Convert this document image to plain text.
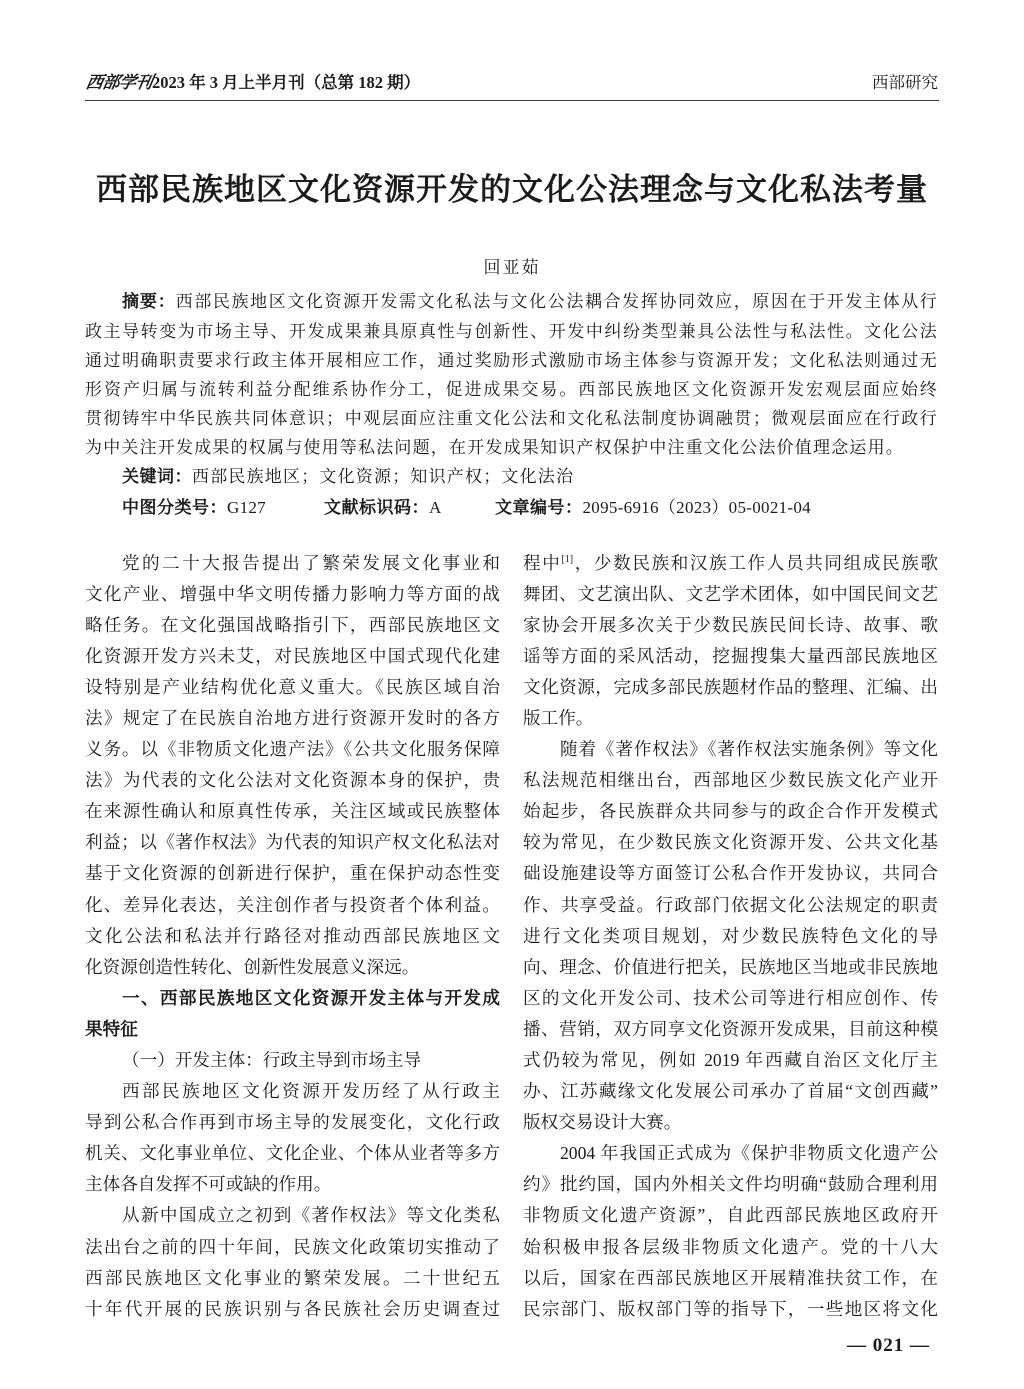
西部学刊2023 年 3 月上半月刊（总第 182 期）	西部研究
西部民族地区文化资源开发的文化公法理念与文化私法考量
回亚茹
摘要：西部民族地区文化资源开发需文化私法与文化公法耦合发挥协同效应，原因在于开发主体从行
政主导转变为市场主导、开发成果兼具原真性与创新性、开发中纠纷类型兼具公法性与私法性。文化公法
通过明确职责要求行政主体开展相应工作，通过奖励形式激励市场主体参与资源开发；文化私法则通过无
形资产归属与流转利益分配维系协作分工，促进成果交易。西部民族地区文化资源开发宏观层面应始终
贯彻铸牢中华民族共同体意识；中观层面应注重文化公法和文化私法制度协调融贯；微观层面应在行政行
为中关注开发成果的权属与使用等私法问题，在开发成果知识产权保护中注重文化公法价值理念运用。
关键词：西部民族地区；文化资源；知识产权；文化法治
中图分类号：G127	文献标识码：A	文章编号：2095-6916（2023）05-0021-04
党的二十大报告提出了繁荣发展文化事业和
文化产业、增强中华文明传播力影响力等方面的战
略任务。在文化强国战略指引下，西部民族地区文
化资源开发方兴未艾，对民族地区中国式现代化建
设特别是产业结构优化意义重大。《民族区域自治
法》规定了在民族自治地方进行资源开发时的各方
义务。以《非物质文化遗产法》《公共文化服务保障
法》为代表的文化公法对文化资源本身的保护，贵
在来源性确认和原真性传承，关注区域或民族整体
利益；以《著作权法》为代表的知识产权文化私法对
基于文化资源的创新进行保护，重在保护动态性变
化、差异化表达，关注创作者与投资者个体利益。
文化公法和私法并行路径对推动西部民族地区文
化资源创造性转化、创新性发展意义深远。
一、西部民族地区文化资源开发主体与开发成
果特征
（一）开发主体：行政主导到市场主导
西部民族地区文化资源开发历经了从行政主
导到公私合作再到市场主导的发展变化，文化行政
机关、文化事业单位、文化企业、个体从业者等多方
主体各自发挥不可或缺的作用。
从新中国成立之初到《著作权法》等文化类私
法出台之前的四十年间，民族文化政策切实推动了
西部民族地区文化事业的繁荣发展。二十世纪五
十年代开展的民族识别与各民族社会历史调查过
程中[1]，少数民族和汉族工作人员共同组成民族歌
舞团、文艺演出队、文艺学术团体，如中国民间文艺
家协会开展多次关于少数民族民间长诗、故事、歌
谣等方面的采风活动，挖掘搜集大量西部民族地区
文化资源，完成多部民族题材作品的整理、汇编、出
版工作。
随着《著作权法》《著作权法实施条例》等文化
私法规范相继出台，西部地区少数民族文化产业开
始起步，各民族群众共同参与的政企合作开发模式
较为常见，在少数民族文化资源开发、公共文化基
础设施建设等方面签订公私合作开发协议，共同合
作、共享受益。行政部门依据文化公法规定的职责
进行文化类项目规划，对少数民族特色文化的导
向、理念、价值进行把关，民族地区当地或非民族地
区的文化开发公司、技术公司等进行相应创作、传
播、营销，双方同享文化资源开发成果，目前这种模
式仍较为常见，例如 2019 年西藏自治区文化厅主
办、江苏藏缘文化发展公司承办了首届“文创西藏”
版权交易设计大赛。
2004 年我国正式成为《保护非物质文化遗产公
约》批约国，国内外相关文件均明确“鼓励合理利用
非物质文化遗产资源”，自此西部民族地区政府开
始积极申报各层级非物质文化遗产。党的十八大
以后，国家在西部民族地区开展精准扶贫工作，在
民宗部门、版权部门等的指导下，一些地区将文化
— 021 —
